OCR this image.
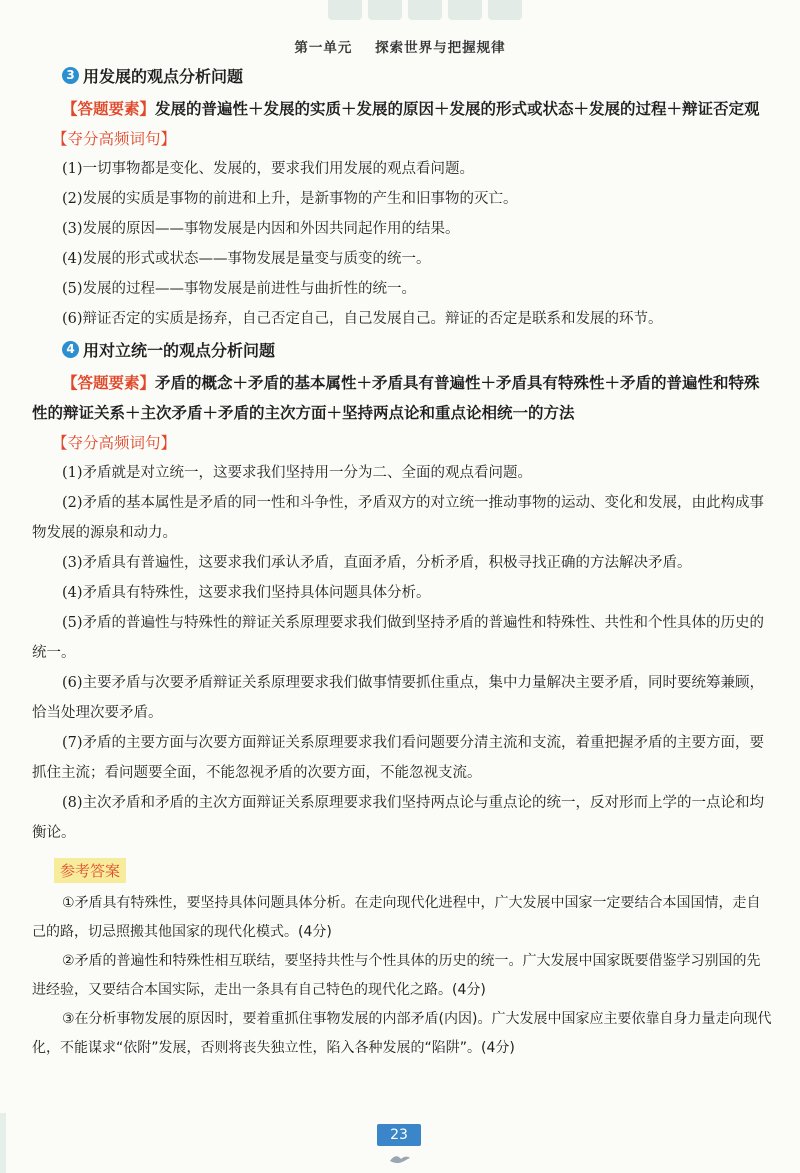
第一单元    探索世界与把握规律
3 用发展的观点分析问题
【答题要素】发展的普遍性＋发展的实质＋发展的原因＋发展的形式或状态＋发展的过程＋辩证否定观
【夺分高频词句】
(1)一切事物都是变化、发展的，要求我们用发展的观点看问题。
(2)发展的实质是事物的前进和上升，是新事物的产生和旧事物的灭亡。
(3)发展的原因——事物发展是内因和外因共同起作用的结果。
(4)发展的形式或状态——事物发展是量变与质变的统一。
(5)发展的过程——事物发展是前进性与曲折性的统一。
(6)辩证否定的实质是扬弃，自己否定自己，自己发展自己。辩证的否定是联系和发展的环节。
4 用对立统一的观点分析问题
【答题要素】矛盾的概念＋矛盾的基本属性＋矛盾具有普遍性＋矛盾具有特殊性＋矛盾的普遍性和特殊性的辩证关系＋主次矛盾＋矛盾的主次方面＋坚持两点论和重点论相统一的方法
【夺分高频词句】
(1)矛盾就是对立统一，这要求我们坚持用一分为二、全面的观点看问题。
(2)矛盾的基本属性是矛盾的同一性和斗争性，矛盾双方的对立统一推动事物的运动、变化和发展，由此构成事物发展的源泉和动力。
(3)矛盾具有普遍性，这要求我们承认矛盾，直面矛盾，分析矛盾，积极寻找正确的方法解决矛盾。
(4)矛盾具有特殊性，这要求我们坚持具体问题具体分析。
(5)矛盾的普遍性与特殊性的辩证关系原理要求我们做到坚持矛盾的普遍性和特殊性、共性和个性具体的历史的统一。
(6)主要矛盾与次要矛盾辩证关系原理要求我们做事情要抓住重点，集中力量解决主要矛盾，同时要统筹兼顾，恰当处理次要矛盾。
(7)矛盾的主要方面与次要方面辩证关系原理要求我们看问题要分清主流和支流，着重把握矛盾的主要方面，要抓住主流；看问题要全面，不能忽视矛盾的次要方面，不能忽视支流。
(8)主次矛盾和矛盾的主次方面辩证关系原理要求我们坚持两点论与重点论的统一，反对形而上学的一点论和均衡论。
参考答案
①矛盾具有特殊性，要坚持具体问题具体分析。在走向现代化进程中，广大发展中国家一定要结合本国国情，走自己的路，切忌照搬其他国家的现代化模式。(4分)
②矛盾的普遍性和特殊性相互联结，要坚持共性与个性具体的历史的统一。广大发展中国家既要借鉴学习别国的先进经验，又要结合本国实际，走出一条具有自己特色的现代化之路。(4分)
③在分析事物发展的原因时，要着重抓住事物发展的内部矛盾(内因)。广大发展中国家应主要依靠自身力量走向现代化，不能谋求“依附”发展，否则将丧失独立性，陷入各种发展的“陷阱”。(4分)
23
